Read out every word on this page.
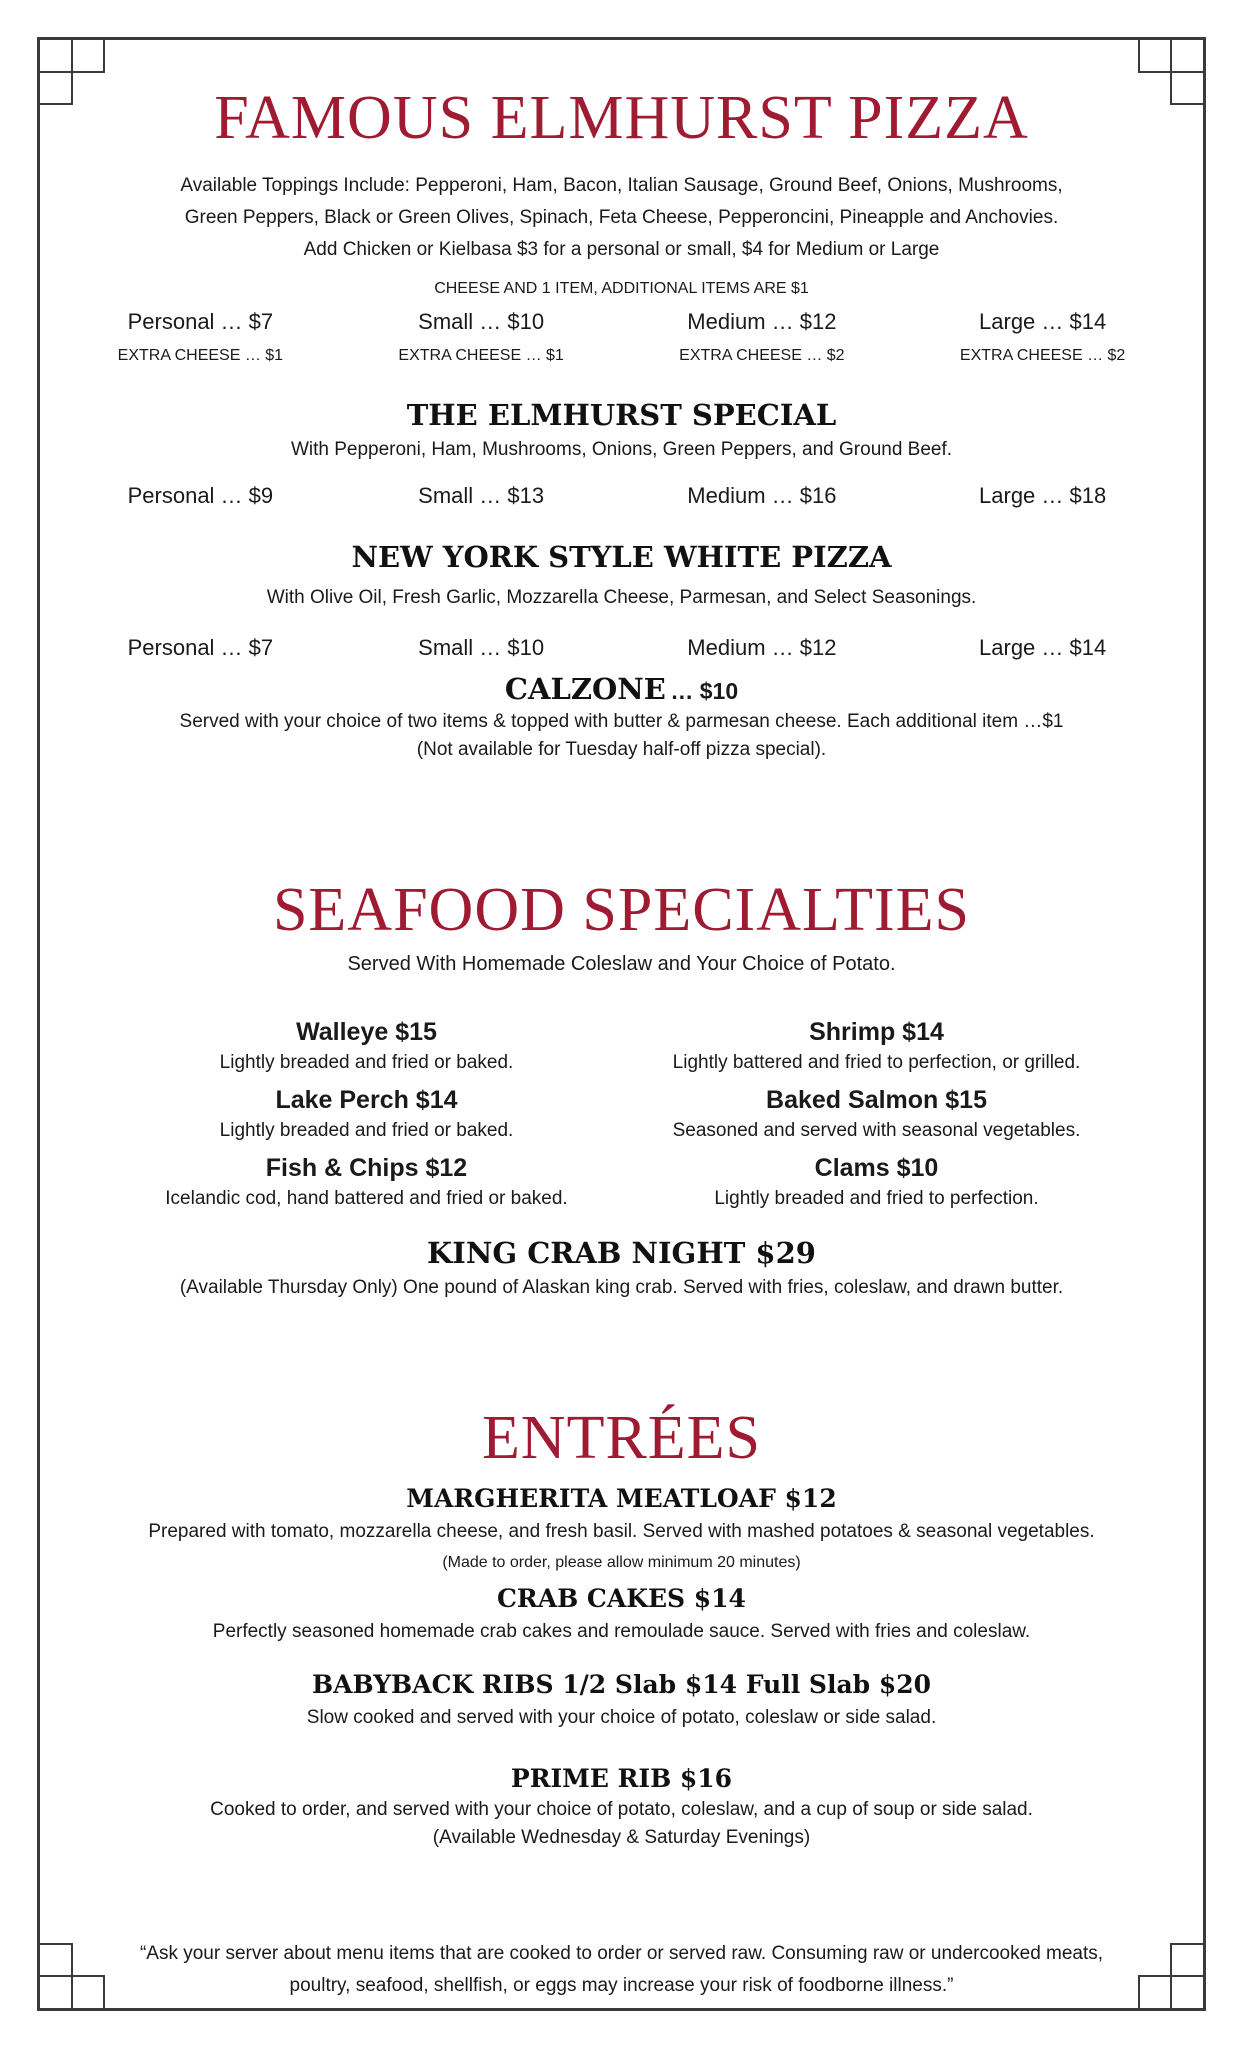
FAMOUS ELMHURST PIZZA

Available Toppings Include: Pepperoni, Ham, Bacon, Italian Sausage, Ground Beef, Onions, Mushrooms,

Green Peppers, Black or Green Olives, Spinach, Feta Cheese, Pepperoncini, Pineapple and Anchovies.

Add Chicken or Kielbasa $3 for a personal or small, $4 for Medium or Large

CHEESE AND 1 ITEM, ADDITIONAL ITEMS ARE $1

Personal … $7	Small … $10	Medium … $12	Large … $14
EXTRA CHEESE … $1	EXTRA CHEESE … $1	EXTRA CHEESE … $2	EXTRA CHEESE … $2
THE ELMHURST SPECIAL

With Pepperoni, Ham, Mushrooms, Onions, Green Peppers, and Ground Beef.

Personal … $9	Small … $13	Medium … $16	Large … $18
NEW YORK STYLE WHITE PIZZA

With Olive Oil, Fresh Garlic, Mozzarella Cheese, Parmesan, and Select Seasonings.

Personal … $7	Small … $10	Medium … $12	Large … $14
CALZONE … $10

Served with your choice of two items & topped with butter & parmesan cheese. Each additional item …$1

(Not available for Tuesday half-off pizza special).

SEAFOOD SPECIALTIES

Served With Homemade Coleslaw and Your Choice of Potato.

Walleye $15

Lightly breaded and fried or baked.

Shrimp $14

Lightly battered and fried to perfection, or grilled.

Lake Perch $14

Lightly breaded and fried or baked.

Baked Salmon $15

Seasoned and served with seasonal vegetables.

Fish & Chips $12

Icelandic cod, hand battered and fried or baked.

Clams $10

Lightly breaded and fried to perfection.

KING CRAB NIGHT $29

(Available Thursday Only) One pound of Alaskan king crab. Served with fries, coleslaw, and drawn butter.

ENTRÉES
MARGHERITA MEATLOAF $12

Prepared with tomato, mozzarella cheese, and fresh basil. Served with mashed potatoes & seasonal vegetables.

(Made to order, please allow minimum 20 minutes)

CRAB CAKES $14

Perfectly seasoned homemade crab cakes and remoulade sauce. Served with fries and coleslaw.

BABYBACK RIBS 1/2 Slab $14 Full Slab $20

Slow cooked and served with your choice of potato, coleslaw or side salad.

PRIME RIB $16

Cooked to order, and served with your choice of potato, coleslaw, and a cup of soup or side salad.

(Available Wednesday & Saturday Evenings)

“Ask your server about menu items that are cooked to order or served raw. Consuming raw or undercooked meats,

poultry, seafood, shellfish, or eggs may increase your risk of foodborne illness.”
